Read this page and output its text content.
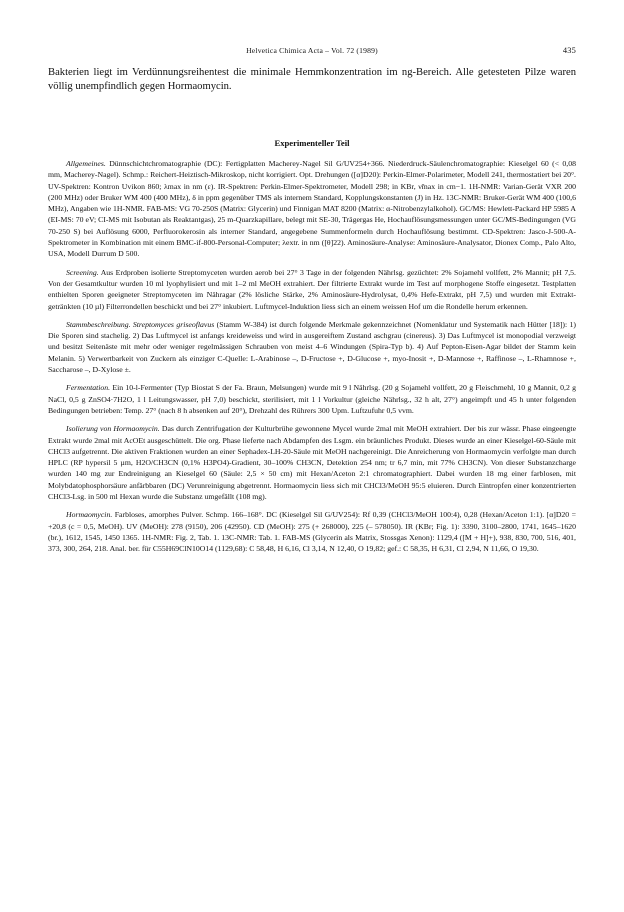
Helvetica Chimica Acta – Vol. 72 (1989)	435

Bakterien liegt im Verdünnungsreihentest die minimale Hemmkonzentration im ng-Bereich. Alle getesteten Pilze waren völlig unempfindlich gegen Hormaomycin.

Experimenteller Teil

Allgemeines. Dünnschichtchromatographie (DC): Fertigplatten Macherey-Nagel Sil G/UV254+366. Niederdruck-Säulenchromatographie: Kieselgel 60 (< 0,08 mm, Macherey-Nagel). Schmp.: Reichert-Heiztisch-Mikroskop, nicht korrigiert. Opt. Drehungen ([α]D20): Perkin-Elmer-Polarimeter, Modell 241, thermostatiert bei 20°. UV-Spektren: Kontron Uvikon 860; λmax in nm (ε). IR-Spektren: Perkin-Elmer-Spektrometer, Modell 298; in KBr, ν̃max in cm−1. 1H-NMR: Varian-Gerät VXR 200 (200 MHz) oder Bruker WM 400 (400 MHz), δ in ppm gegenüber TMS als internem Standard, Kopplungskonstanten (J) in Hz. 13C-NMR: Bruker-Gerät WM 400 (100,6 MHz), Angaben wie 1H-NMR. FAB-MS: VG 70-250S (Matrix: Glycerin) und Finnigan MAT 8200 (Matrix: α-Nitrobenzylalkohol). GC/MS: Hewlett-Packard HP 5985 A (EI-MS: 70 eV; CI-MS mit Isobutan als Reaktantgas), 25 m-Quarzkapillare, belegt mit SE-30, Trägergas He, Hochauflösungsmessungen unter GC/MS-Bedingungen (VG 70-250 S) bei Auflösung 6000, Perfluorokerosin als interner Standard, angegebene Summenformeln durch Hochauflösung bestimmt. CD-Spektren: Jasco-J-500-A-Spektrometer in Kombination mit einem BMC-if-800-Personal-Computer; λextr. in nm ([θ]22). Aminosäure-Analyse: Aminosäure-Analysator, Dionex Comp., Palo Alto, USA, Modell Durrum D 500.

Screening. Aus Erdproben isolierte Streptomyceten wurden aerob bei 27° 3 Tage in der folgenden Nährlsg. gezüchtet: 2% Sojamehl vollfett, 2% Mannit; pH 7,5. Von der Gesamtkultur wurden 10 ml lyophylisiert und mit 1–2 ml MeOH extrahiert. Der filtrierte Extrakt wurde im Test auf morphogene Stoffe eingesetzt. Testplatten enthielten Sporen geeigneter Streptomyceten im Nähragar (2% lösliche Stärke, 2% Aminosäure-Hydrolysat, 0,4% Hefe-Extrakt, pH 7,5) und wurden mit Extrakt-getränkten (10 µl) Filterrondellen beschickt und bei 27° inkubiert. Luftmycel-Induktion liess sich an einem weissen Hof um die Rondelle herum erkennen.

Stammbeschreibung. Streptomyces griseoflavus (Stamm W-384) ist durch folgende Merkmale gekennzeichnet (Nomenklatur und Systematik nach Hütter [18]): 1) Die Sporen sind stachelig. 2) Das Luftmycel ist anfangs kreideweiss und wird in ausgereiftem Zustand aschgrau (cinereus). 3) Das Luftmycel ist monopodial verzweigt und besitzt Seitenäste mit mehr oder weniger regelmässigen Schrauben von meist 4–6 Windungen (Spira-Typ b). 4) Auf Pepton-Eisen-Agar bildet der Stamm kein Melanin. 5) Verwertbarkeit von Zuckern als einziger C-Quelle: L-Arabinose –, D-Fructose +, D-Glucose +, myo-Inosit +, D-Mannose +, Raffinose –, L-Rhamnose +, Saccharose –, D-Xylose ±.

Fermentation. Ein 10-l-Fermenter (Typ Biostat S der Fa. Braun, Melsungen) wurde mit 9 l Nährlsg. (20 g Sojamehl vollfett, 20 g Fleischmehl, 10 g Mannit, 0,2 g NaCl, 0,5 g ZnSO4·7H2O, 1 l Leitungswasser, pH 7,0) beschickt, sterilisiert, mit 1 l Vorkultur (gleiche Nährlsg., 32 h alt, 27°) angeimpft und 45 h unter folgenden Bedingungen betrieben: Temp. 27° (nach 8 h absenken auf 20°), Drehzahl des Rührers 300 Upm. Luftzufuhr 0,5 vvm.

Isolierung von Hormaomycin. Das durch Zentrifugation der Kulturbrühe gewonnene Mycel wurde 2mal mit MeOH extrahiert. Der bis zur wässr. Phase eingeengte Extrakt wurde 2mal mit AcOEt ausgeschüttelt. Die org. Phase lieferte nach Abdampfen des Lsgm. ein bräunliches Produkt. Dieses wurde an einer Kieselgel-60-Säule mit CHCl3 aufgetrennt. Die aktiven Fraktionen wurden an einer Sephadex-LH-20-Säule mit MeOH nachgereinigt. Die Anreicherung von Hormaomycin verfolgte man durch HPLC (RP hypersil 5 µm, H2O/CH3CN (0,1% H3PO4)-Gradient, 30–100% CH3CN, Detektion 254 nm; tr 6,7 min, mit 77% CH3CN). Von dieser Substanzcharge wurden 140 mg zur Endreinigung an Kieselgel 60 (Säule: 2,5 × 50 cm) mit Hexan/Aceton 2:1 chromatographiert. Dabei wurden 18 mg einer farblosen, mit Molybdatophosphorsäure anfärbbaren (DC) Verunreinigung abgetrennt. Hormaomycin liess sich mit CHCl3/MeOH 95:5 eluieren. Durch Eintropfen einer konzentrierten CHCl3-Lsg. in 500 ml Hexan wurde die Substanz umgefällt (108 mg).

Hormaomycin. Farbloses, amorphes Pulver. Schmp. 166–168°. DC (Kieselgel Sil G/UV254): Rf 0,39 (CHCl3/MeOH 100:4), 0,28 (Hexan/Aceton 1:1). [α]D20 = +20,8 (c = 0,5, MeOH). UV (MeOH): 278 (9150), 206 (42950). CD (MeOH): 275 (+ 268000), 225 (– 578050). IR (KBr; Fig. 1): 3390, 3100–2800, 1741, 1645–1620 (br.), 1612, 1545, 1450 1365. 1H-NMR: Fig. 2, Tab. 1. 13C-NMR: Tab. 1. FAB-MS (Glycerin als Matrix, Stossgas Xenon): 1129,4 ([M + H]+), 938, 830, 700, 516, 401, 373, 300, 264, 218. Anal. ber. für C55H69ClN10O14 (1129,68): C 58,48, H 6,16, Cl 3,14, N 12,40, O 19,82; gef.: C 58,35, H 6,31, Cl 2,94, N 11,66, O 19,30.
